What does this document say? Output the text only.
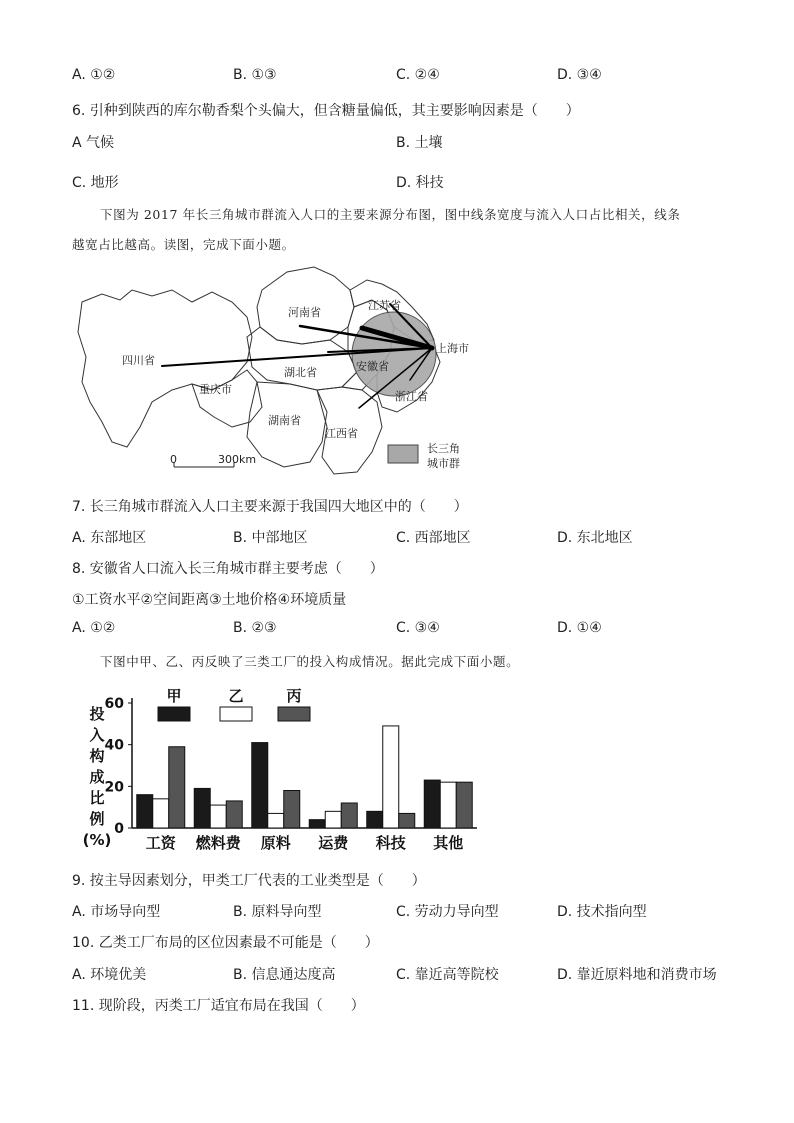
A. ①②	B. ①③	C. ②④	D. ③④
6. 引种到陕西的库尔勒香梨个头偏大，但含糖量偏低，其主要影响因素是（　　）
A 气候	B. 土壤
C. 地形	D. 科技
下图为 2017 年长三角城市群流入人口的主要来源分布图，图中线条宽度与流入人口占比相关，线条
越宽占比越高。读图，完成下面小题。
河南省
江苏省
四川省
上海市
安徽省
湖北省
重庆市
浙江省
湖南省
江西省
0	300km
长三角
城市群
7. 长三角城市群流入人口主要来源于我国四大地区中的（　　）
A. 东部地区	B. 中部地区	C. 西部地区	D. 东北地区
8. 安徽省人口流入长三角城市群主要考虑（　　）
①工资水平②空间距离③土地价格④环境质量
A. ①②	B. ②③	C. ③④	D. ①④
下图中甲、乙、丙反映了三类工厂的投入构成情况。据此完成下面小题。
0
20
40
60
投
入
构
成
比
例
(%)
甲	乙	丙
工资 燃料费 原料 运费 科技 其他
9. 按主导因素划分，甲类工厂代表的工业类型是（　　）
A. 市场导向型	B. 原料导向型	C. 劳动力导向型	D. 技术指向型
10. 乙类工厂布局的区位因素最不可能是（　　）
A. 环境优美	B. 信息通达度高	C. 靠近高等院校	D. 靠近原料地和消费市场
11. 现阶段，丙类工厂适宜布局在我国（　　）
